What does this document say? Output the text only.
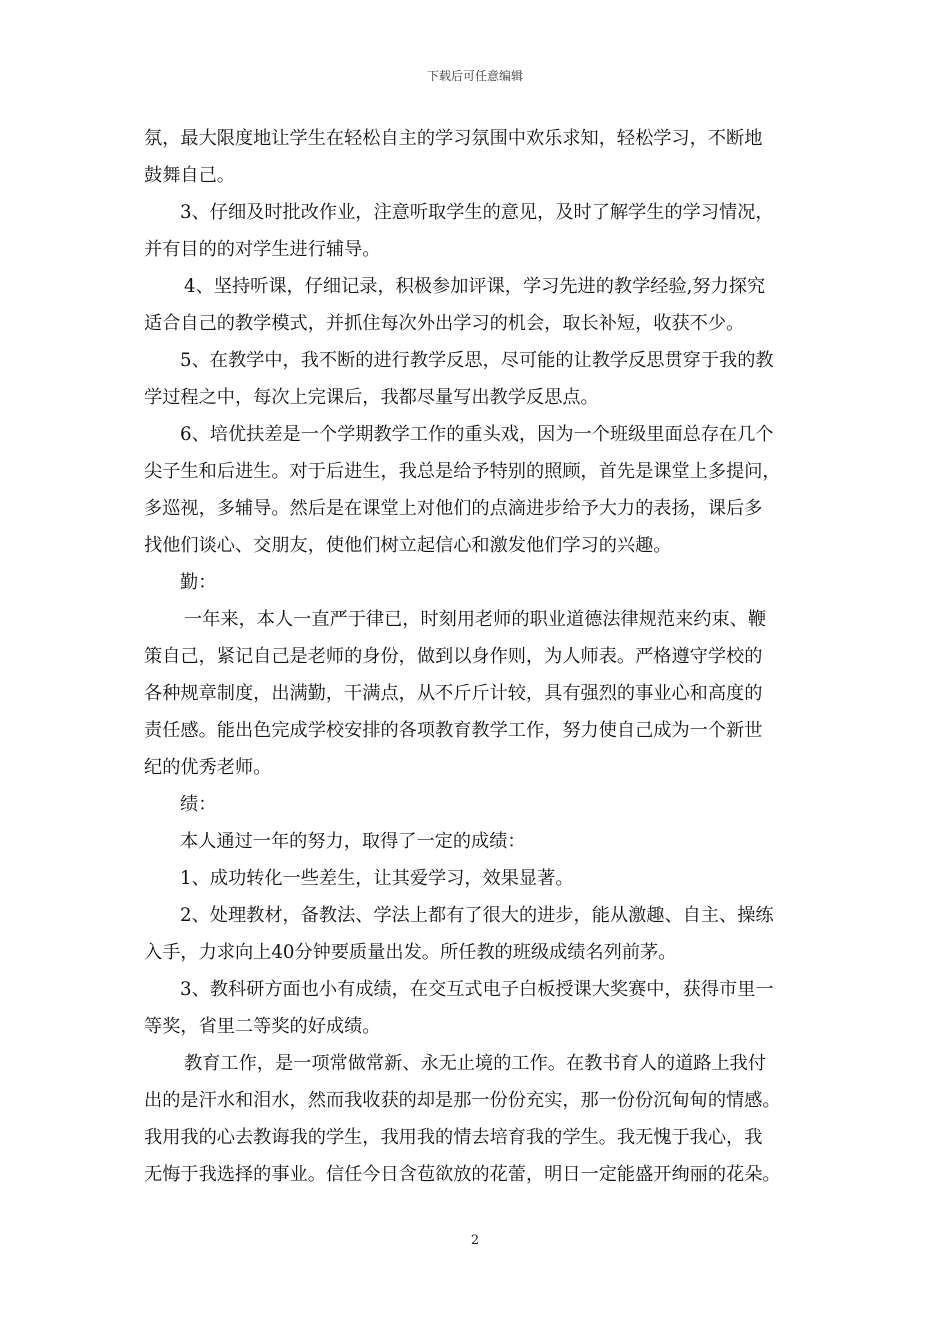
下载后可任意编辑
氛，最大限度地让学生在轻松自主的学习氛围中欢乐求知，轻松学习，不断地
鼓舞自己。
3、仔细及时批改作业，注意听取学生的意见，及时了解学生的学习情况，
并有目的的对学生进行辅导。
4、坚持听课，仔细记录，积极参加评课，学习先进的教学经验,努力探究
适合自己的教学模式，并抓住每次外出学习的机会，取长补短，收获不少。
5、在教学中，我不断的进行教学反思，尽可能的让教学反思贯穿于我的教
学过程之中，每次上完课后，我都尽量写出教学反思点。
6、培优扶差是一个学期教学工作的重头戏，因为一个班级里面总存在几个
尖子生和后进生。对于后进生，我总是给予特别的照顾，首先是课堂上多提问，
多巡视，多辅导。然后是在课堂上对他们的点滴进步给予大力的表扬，课后多
找他们谈心、交朋友，使他们树立起信心和激发他们学习的兴趣。
勤：
一年来，本人一直严于律已，时刻用老师的职业道德法律规范来约束、鞭
策自己，紧记自己是老师的身份，做到以身作则，为人师表。严格遵守学校的
各种规章制度，出满勤，干满点，从不斤斤计较，具有强烈的事业心和高度的
责任感。能出色完成学校安排的各项教育教学工作，努力使自己成为一个新世
纪的优秀老师。
绩：
本人通过一年的努力，取得了一定的成绩：
1、成功转化一些差生，让其爱学习，效果显著。
2、处理教材，备教法、学法上都有了很大的进步，能从激趣、自主、操练
入手，力求向上40分钟要质量出发。所任教的班级成绩名列前茅。
3、教科研方面也小有成绩，在交互式电子白板授课大奖赛中，获得市里一
等奖，省里二等奖的好成绩。
教育工作，是一项常做常新、永无止境的工作。在教书育人的道路上我付
出的是汗水和泪水，然而我收获的却是那一份份充实，那一份份沉甸甸的情感。
我用我的心去教诲我的学生，我用我的情去培育我的学生。我无愧于我心，我
无悔于我选择的事业。信任今日含苞欲放的花蕾，明日一定能盛开绚丽的花朵。
2
